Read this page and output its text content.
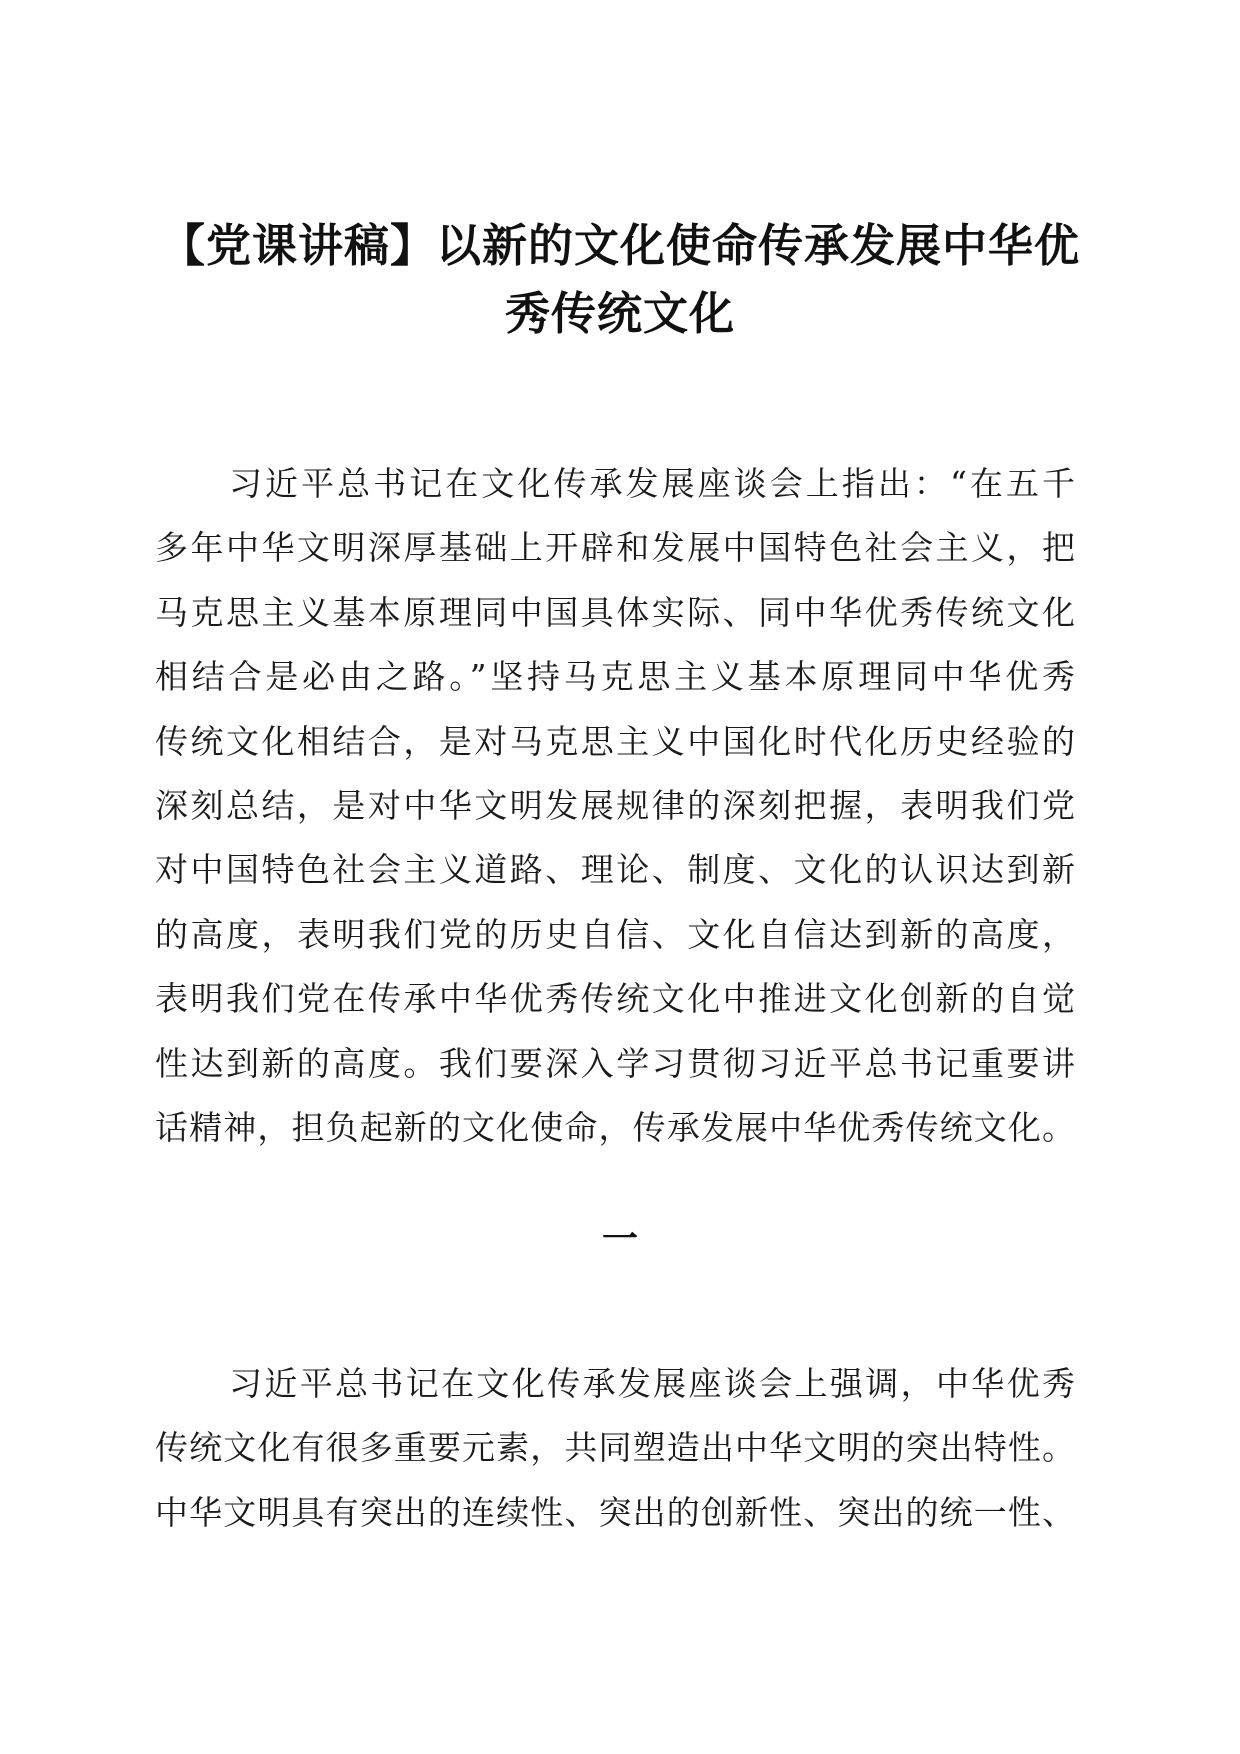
【党课讲稿】以新的文化使命传承发展中华优
秀传统文化
习近平总书记在文化传承发展座谈会上指出：“在五千
多年中华文明深厚基础上开辟和发展中国特色社会主义，把
马克思主义基本原理同中国具体实际、同中华优秀传统文化
相结合是必由之路。”坚持马克思主义基本原理同中华优秀
传统文化相结合，是对马克思主义中国化时代化历史经验的
深刻总结，是对中华文明发展规律的深刻把握，表明我们党
对中国特色社会主义道路、理论、制度、文化的认识达到新
的高度，表明我们党的历史自信、文化自信达到新的高度，
表明我们党在传承中华优秀传统文化中推进文化创新的自觉
性达到新的高度。我们要深入学习贯彻习近平总书记重要讲
话精神，担负起新的文化使命，传承发展中华优秀传统文化。
一
习近平总书记在文化传承发展座谈会上强调，中华优秀
传统文化有很多重要元素，共同塑造出中华文明的突出特性。
中华文明具有突出的连续性、突出的创新性、突出的统一性、
